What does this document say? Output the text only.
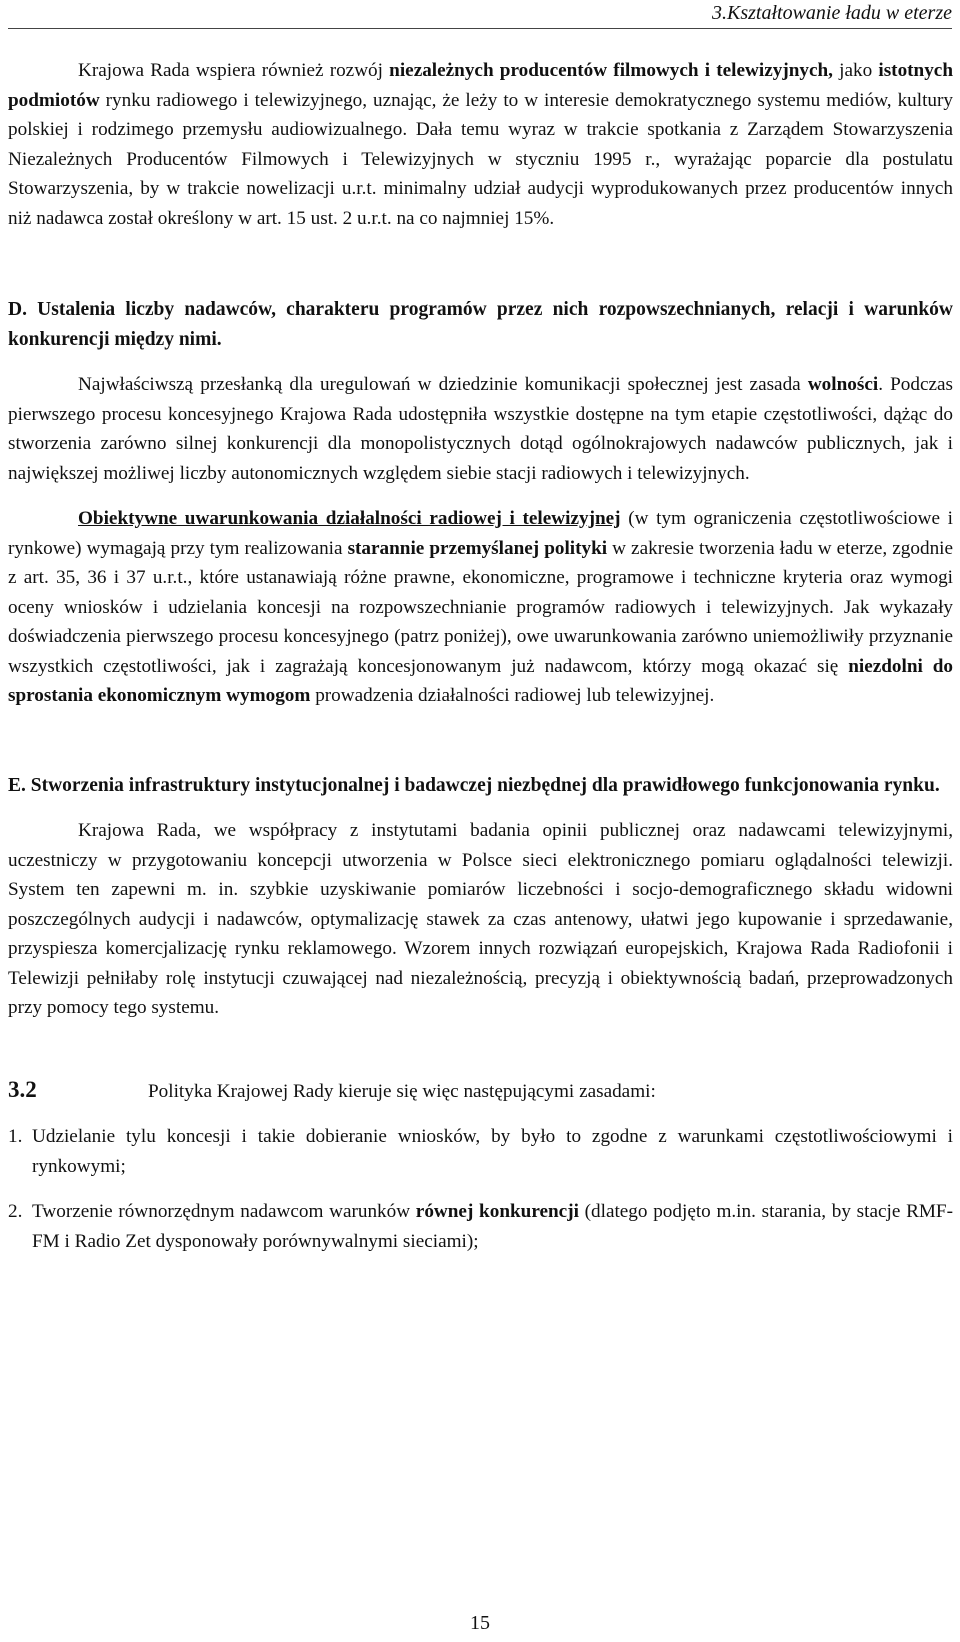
3.Kształtowanie ładu w eterze

Krajowa Rada wspiera również rozwój niezależnych producentów filmowych i telewizyjnych, jako istotnych podmiotów rynku radiowego i telewizyjnego, uznając, że leży to w interesie demokratycznego systemu mediów, kultury polskiej i rodzimego przemysłu audiowizualnego. Dała temu wyraz w trakcie spotkania z Zarządem Stowarzyszenia Niezależnych Producentów Filmowych i Telewizyjnych w styczniu 1995 r., wyrażając poparcie dla postulatu Stowarzyszenia, by w trakcie nowelizacji u.r.t. minimalny udział audycji wyprodukowanych przez producentów innych niż nadawca został określony w art. 15 ust. 2 u.r.t. na co najmniej 15%.

D. Ustalenia liczby nadawców, charakteru programów przez nich rozpowszechnianych, relacji i warunków konkurencji między nimi.

Najwłaściwszą przesłanką dla uregulowań w dziedzinie komunikacji społecznej jest zasada wolności. Podczas pierwszego procesu koncesyjnego Krajowa Rada udostępniła wszystkie dostępne na tym etapie częstotliwości, dążąc do stworzenia zarówno silnej konkurencji dla monopolistycznych dotąd ogólnokrajowych nadawców publicznych, jak i największej możliwej liczby autonomicznych względem siebie stacji radiowych i telewizyjnych.

Obiektywne uwarunkowania działalności radiowej i telewizyjnej (w tym ograniczenia częstotliwościowe i rynkowe) wymagają przy tym realizowania starannie przemyślanej polityki w zakresie tworzenia ładu w eterze, zgodnie z art. 35, 36 i 37 u.r.t., które ustanawiają różne prawne, ekonomiczne, programowe i techniczne kryteria oraz wymogi oceny wniosków i udzielania koncesji na rozpowszechnianie programów radiowych i telewizyjnych. Jak wykazały doświadczenia pierwszego procesu koncesyjnego (patrz poniżej), owe uwarunkowania zarówno uniemożliwiły przyznanie wszystkich częstotliwości, jak i zagrażają koncesjonowanym już nadawcom, którzy mogą okazać się niezdolni do sprostania ekonomicznym wymogom prowadzenia działalności radiowej lub telewizyjnej.

E. Stworzenia infrastruktury instytucjonalnej i badawczej niezbędnej dla prawidłowego funkcjonowania rynku.

Krajowa Rada, we współpracy z instytutami badania opinii publicznej oraz nadawcami telewizyjnymi, uczestniczy w przygotowaniu koncepcji utworzenia w Polsce sieci elektronicznego pomiaru oglądalności telewizji. System ten zapewni m. in. szybkie uzyskiwanie pomiarów liczebności i socjo-demograficznego składu widowni poszczególnych audycji i nadawców, optymalizację stawek za czas antenowy, ułatwi jego kupowanie i sprzedawanie, przyspiesza komercjalizację rynku reklamowego. Wzorem innych rozwiązań europejskich, Krajowa Rada Radiofonii i Telewizji pełniłaby rolę instytucji czuwającej nad niezależnością, precyzją i obiektywnością badań, przeprowadzonych przy pomocy tego systemu.

3.2	Polityka Krajowej Rady kieruje się więc następującymi zasadami:
1. Udzielanie tylu koncesji i takie dobieranie wniosków, by było to zgodne z warunkami częstotliwościowymi i rynkowymi;
2. Tworzenie równorzędnym nadawcom warunków równej konkurencji (dlatego podjęto m.in. starania, by stacje RMF-FM i Radio Zet dysponowały porównywalnymi sieciami);
15
